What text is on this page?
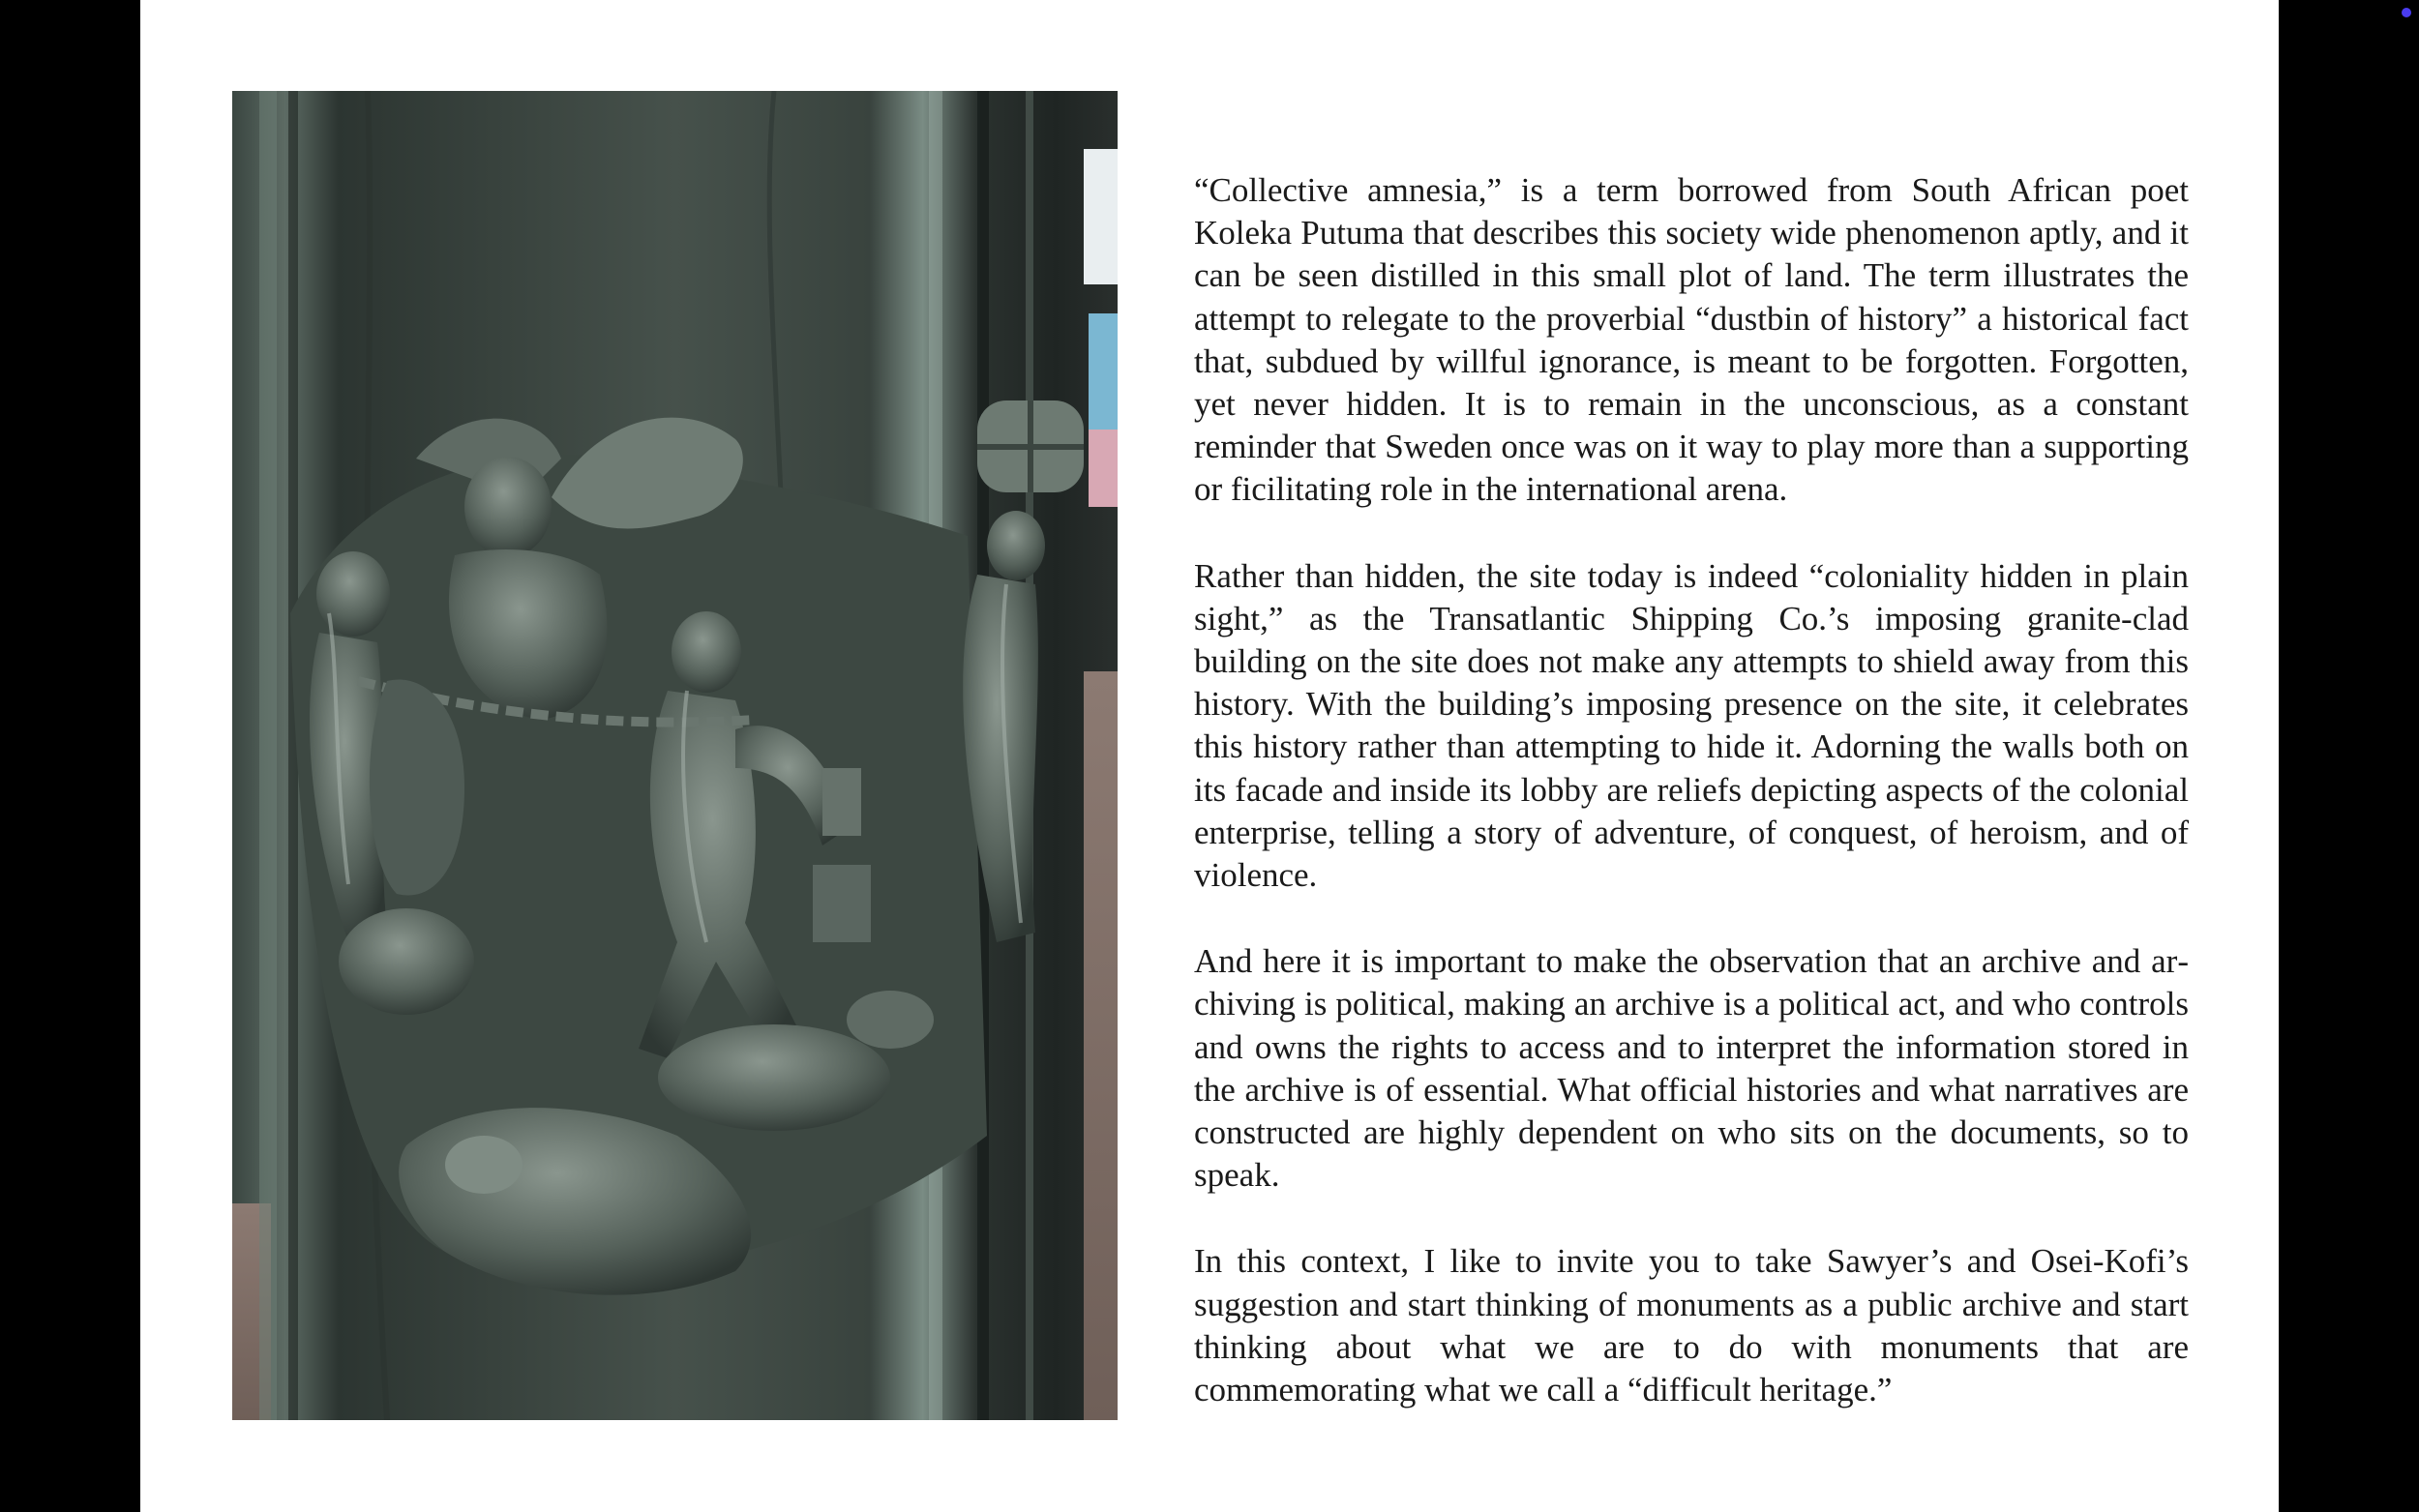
“Collective amnesia,” is a term borrowed from South African poet Koleka Putuma that describes this society wide phenomenon aptly, and it can be seen distilled in this small plot of land. The term illustrates the attempt to relegate to the proverbial “dustbin of history” a historical fact that, subdued by willful ignorance, is meant to be forgotten. Forgotten, yet never hidden. It is to remain in the unconscious, as a constant reminder that Sweden once was on it way to play more than a supporting or ficilitating role in the international arena.

Rather than hidden, the site today is indeed “coloniality hidden in plain sight,” as the Transatlantic Shipping Co.’s imposing granite-clad building on the site does not make any attempts to shield away from this history. With the building’s imposing presence on the site, it celebrates this history rather than attempting to hide it. Adorning the walls both on its facade and inside its lobby are reliefs depicting aspects of the colonial enterprise, telling a story of adventure, of conquest, of heroism, and of violence.

And here it is important to make the observation that an archive and archiving is political, making an archive is a political act, and who controls and owns the rights to access and to interpret the information stored in the archive is of essential. What official histories and what narratives are constructed are highly dependent on who sits on the documents, so to speak.

In this context, I like to invite you to take Sawyer’s and Osei-Kofi’s suggestion and start thinking of monuments as a public archive and start thinking about what we are to do with monuments that are commemorating what we call a “difficult heritage.”
